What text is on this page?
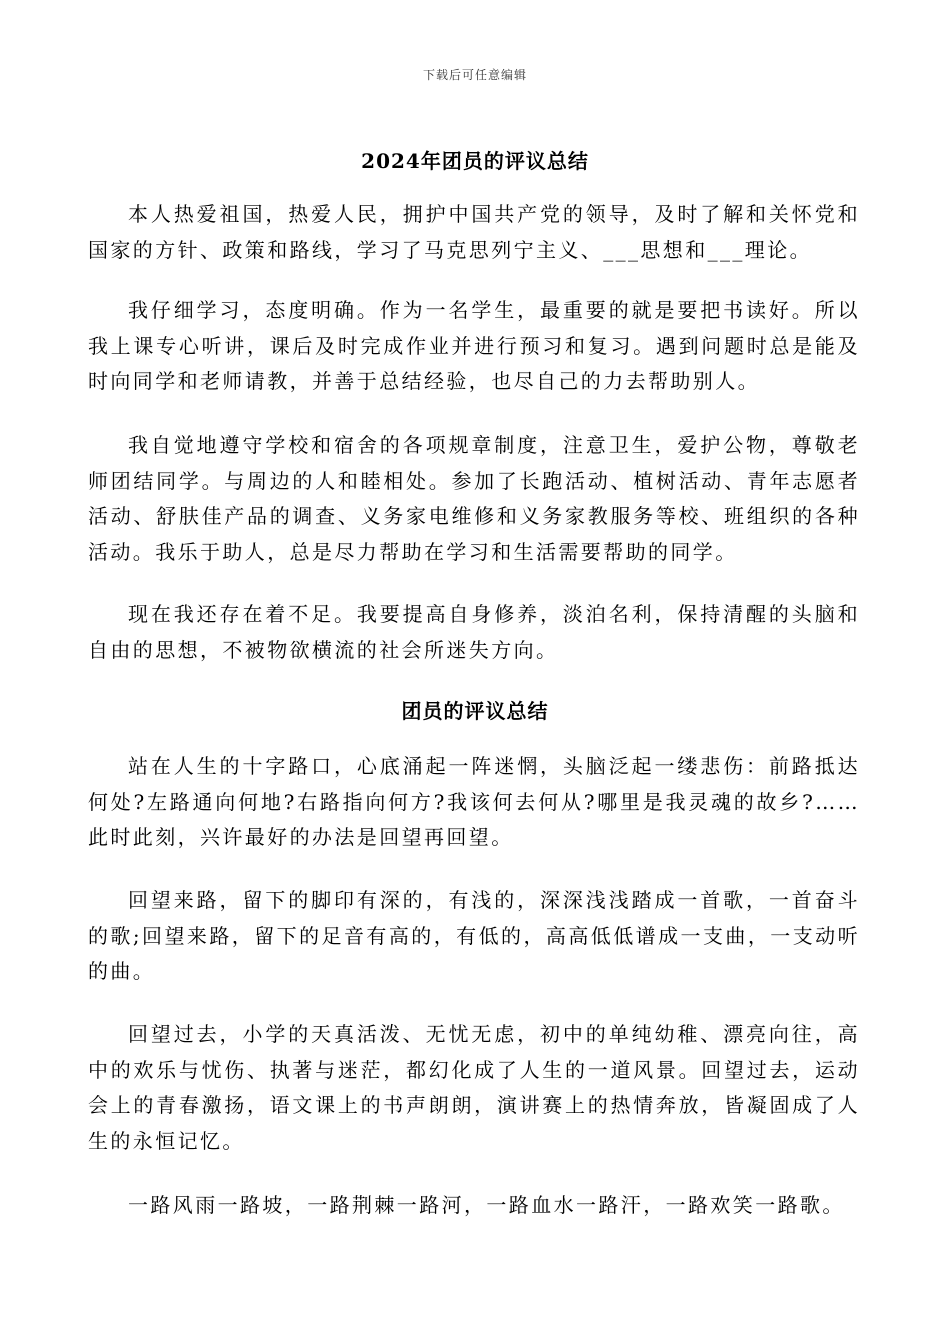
下载后可任意编辑
2024年团员的评议总结

本人热爱祖国，热爱人民，拥护中国共产党的领导，及时了解和关怀党和国家的方针、政策和路线，学习了马克思列宁主义、___思想和___理论。

我仔细学习，态度明确。作为一名学生，最重要的就是要把书读好。所以我上课专心听讲，课后及时完成作业并进行预习和复习。遇到问题时总是能及时向同学和老师请教，并善于总结经验，也尽自己的力去帮助别人。

我自觉地遵守学校和宿舍的各项规章制度，注意卫生，爱护公物，尊敬老师团结同学。与周边的人和睦相处。参加了长跑活动、植树活动、青年志愿者活动、舒肤佳产品的调查、义务家电维修和义务家教服务等校、班组织的各种活动。我乐于助人，总是尽力帮助在学习和生活需要帮助的同学。

现在我还存在着不足。我要提高自身修养，淡泊名利，保持清醒的头脑和自由的思想，不被物欲横流的社会所迷失方向。

团员的评议总结

站在人生的十字路口，心底涌起一阵迷惘，头脑泛起一缕悲伤：前路抵达何处?左路通向何地?右路指向何方?我该何去何从?哪里是我灵魂的故乡?……此时此刻，兴许最好的办法是回望再回望。

回望来路，留下的脚印有深的，有浅的，深深浅浅踏成一首歌，一首奋斗的歌;回望来路，留下的足音有高的，有低的，高高低低谱成一支曲，一支动听的曲。

回望过去，小学的天真活泼、无忧无虑，初中的单纯幼稚、漂亮向往，高中的欢乐与忧伤、执著与迷茫，都幻化成了人生的一道风景。回望过去，运动会上的青春激扬，语文课上的书声朗朗，演讲赛上的热情奔放，皆凝固成了人生的永恒记忆。

一路风雨一路坡，一路荆棘一路河，一路血水一路汗，一路欢笑一路歌。
